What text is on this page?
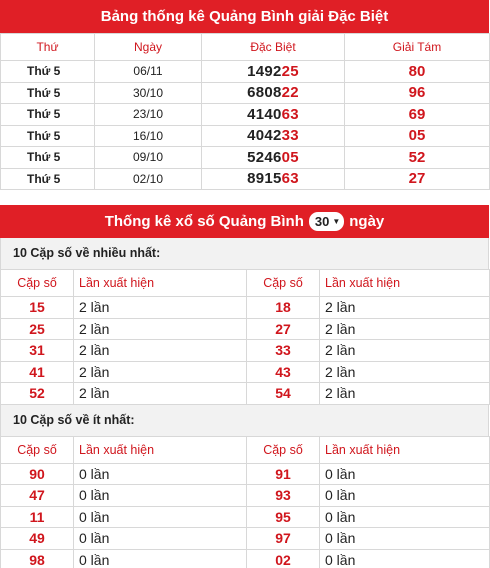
Bảng thống kê Quảng Bình giải Đặc Biệt
Thứ	Ngày	Đặc Biệt	Giải Tám
Thứ 5	06/11	149225	80
Thứ 5	30/10	680822	96
Thứ 5	23/10	414063	69
Thứ 5	16/10	404233	05
Thứ 5	09/10	524605	52
Thứ 5	02/10	891563	27
Thống kê xổ số Quảng Bình 30 ▼ ngày
10 Cặp số về nhiều nhất:
Cặp số	Lần xuất hiện	Cặp số	Lần xuất hiện
15	2 lần	18	2 lần
25	2 lần	27	2 lần
31	2 lần	33	2 lần
41	2 lần	43	2 lần
52	2 lần	54	2 lần
10 Cặp số về ít nhất:
Cặp số	Lần xuất hiện	Cặp số	Lần xuất hiện
90	0 lần	91	0 lần
47	0 lần	93	0 lần
11	0 lần	95	0 lần
49	0 lần	97	0 lần
98	0 lần	02	0 lần
